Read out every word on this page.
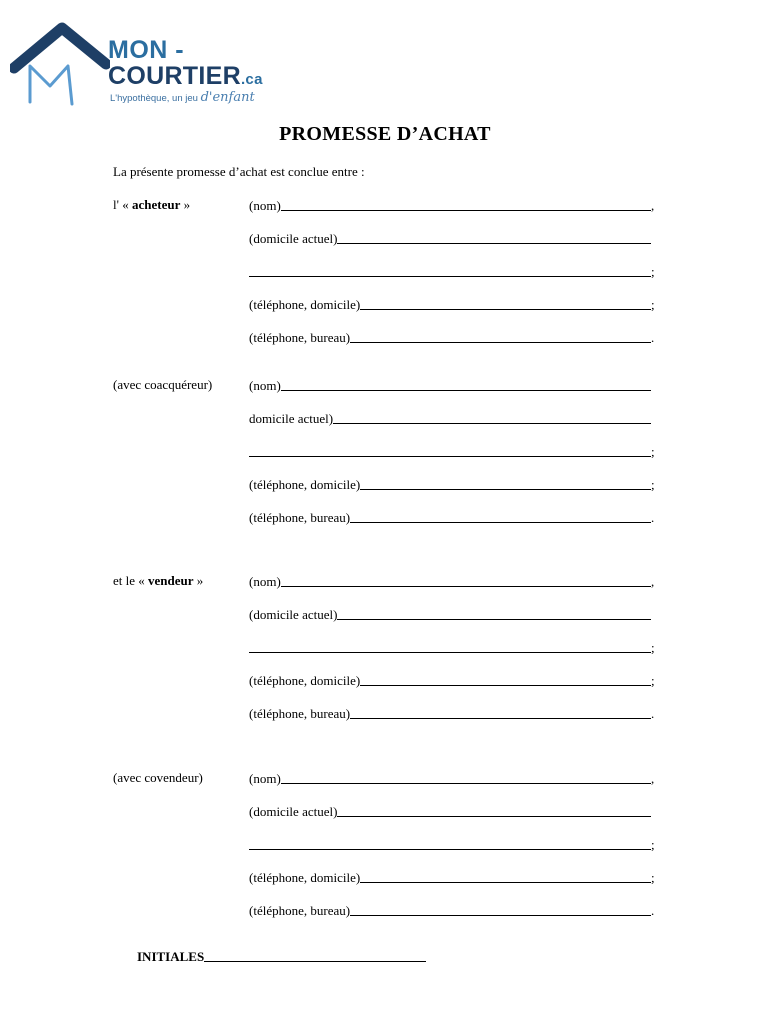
MON -
COURTIER.ca
L'hypothèque, un jeu d'enfant
PROMESSE D’ACHAT
La présente promesse d’achat est conclue entre :
l' « acheteur »	(nom)	,
(domicile actuel)
;
(téléphone, domicile)	;
(téléphone, bureau)	.
(avec coacquéreur)	(nom)
domicile actuel)
;
(téléphone, domicile)	;
(téléphone, bureau)	.
et le « vendeur »	(nom)	,
(domicile actuel)
;
(téléphone, domicile)	;
(téléphone, bureau)	.
(avec covendeur)	(nom)	,
(domicile actuel)
;
(téléphone, domicile)	;
(téléphone, bureau)	.
INITIALES
